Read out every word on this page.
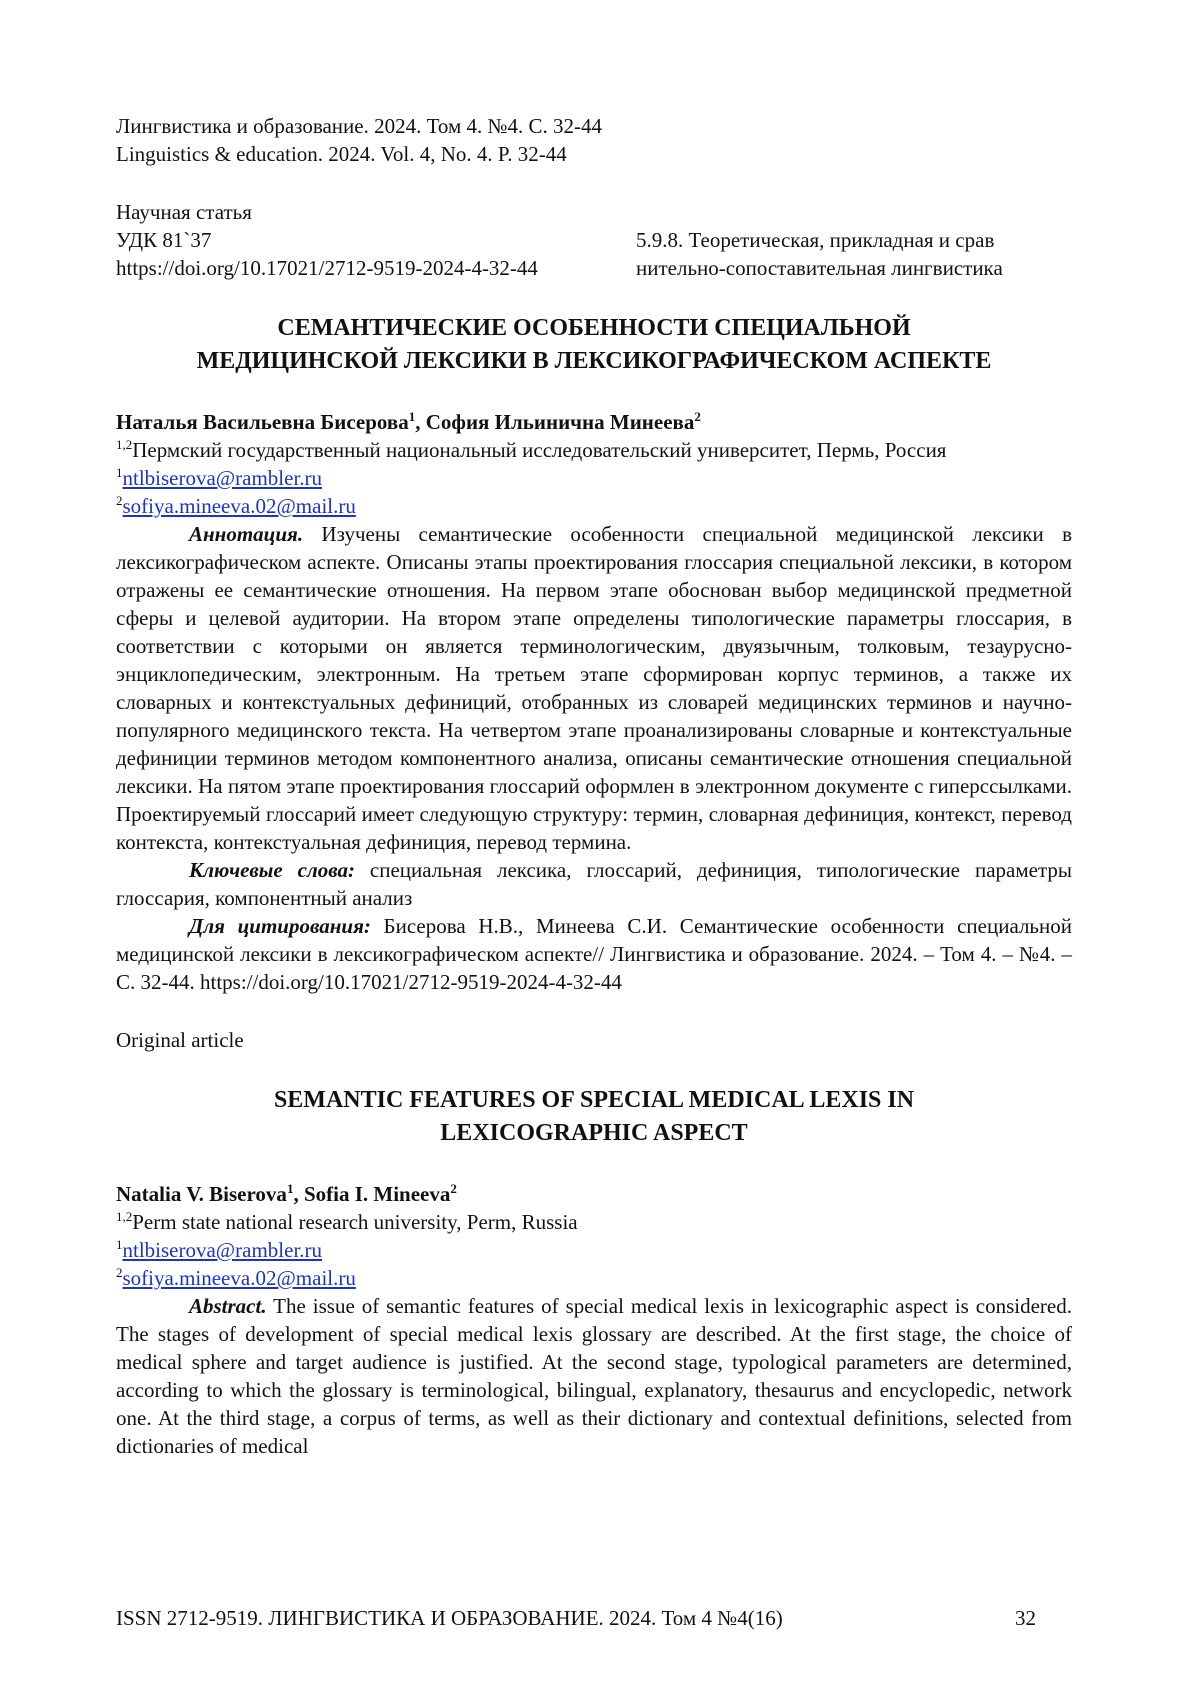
Лингвистика и образование. 2024. Том 4. №4. С. 32-44

Linguistics & education. 2024. Vol. 4, No. 4. P. 32-44

Научная статья

УДК 81`37

https://doi.org/10.17021/2712-9519-2024-4-32-44

5.9.8. Теоретическая, прикладная и срав

нительно-сопоставительная лингвистика

СЕМАНТИЧЕСКИЕ ОСОБЕННОСТИ СПЕЦИАЛЬНОЙ

МЕДИЦИНСКОЙ ЛЕКСИКИ В ЛЕКСИКОГРАФИЧЕСКОМ АСПЕКТЕ

Наталья Васильевна Бисерова$^1$, София Ильинична Минеева$^2$

$^{1,2}$Пермский государственный национальный исследовательский университет, Пермь, Россия

$^1$ntlbiserova@rambler.ru

$^2$sofiya.mineeva.02@mail.ru

Аннотация. Изучены семантические особенности специальной медицинской лексики в лексикографическом аспекте. Описаны этапы проектирования глоссария специальной лексики, в котором отражены ее семантические отношения. На первом этапе обоснован выбор медицинской предметной сферы и целевой аудитории. На втором этапе определены типологические параметры глоссария, в соответствии с которыми он является терминологическим, двуязычным, толковым, тезаурусно-энциклопедическим, электронным. На третьем этапе сформирован корпус терминов, а также их словарных и контекстуальных дефиниций, отобранных из словарей медицинских терминов и научно-популярного медицинского текста. На четвертом этапе проанализированы словарные и контекстуальные дефиниции терминов методом компонентного анализа, описаны семантические отношения специальной лексики. На пятом этапе проектирования глоссарий оформлен в электронном документе с гиперссылками. Проектируемый глоссарий имеет следующую структуру: термин, словарная дефиниция, контекст, перевод контекста, контекстуальная дефиниция, перевод термина.

Ключевые слова: специальная лексика, глоссарий, дефиниция, типологические параметры глоссария, компонентный анализ

Для цитирования: Бисерова Н.В., Минеева С.И. Семантические особенности специальной медицинской лексики в лексикографическом аспекте// Лингвистика и образование. 2024. – Том 4. – №4. – С. 32-44. https://doi.org/10.17021/2712-9519-2024-4-32-44

Original article

SEMANTIC FEATURES OF SPECIAL MEDICAL LEXIS IN

LEXICOGRAPHIC ASPECT

Natalia V. Biserova$^1$, Sofia I. Mineeva$^2$

$^{1,2}$Perm state national research university, Perm, Russia

$^1$ntlbiserova@rambler.ru

$^2$sofiya.mineeva.02@mail.ru

Abstract. The issue of semantic features of special medical lexis in lexicographic aspect is considered. The stages of development of special medical lexis glossary are described. At the first stage, the choice of medical sphere and target audience is justified. At the second stage, typological parameters are determined, according to which the glossary is terminological, bilingual, explanatory, thesaurus and encyclopedic, network one. At the third stage, a corpus of terms, as well as their dictionary and contextual definitions, selected from dictionaries of medical

ISSN 2712-9519. ЛИНГВИСТИКА И ОБРАЗОВАНИЕ. 2024. Том 4 №4(16)	32
